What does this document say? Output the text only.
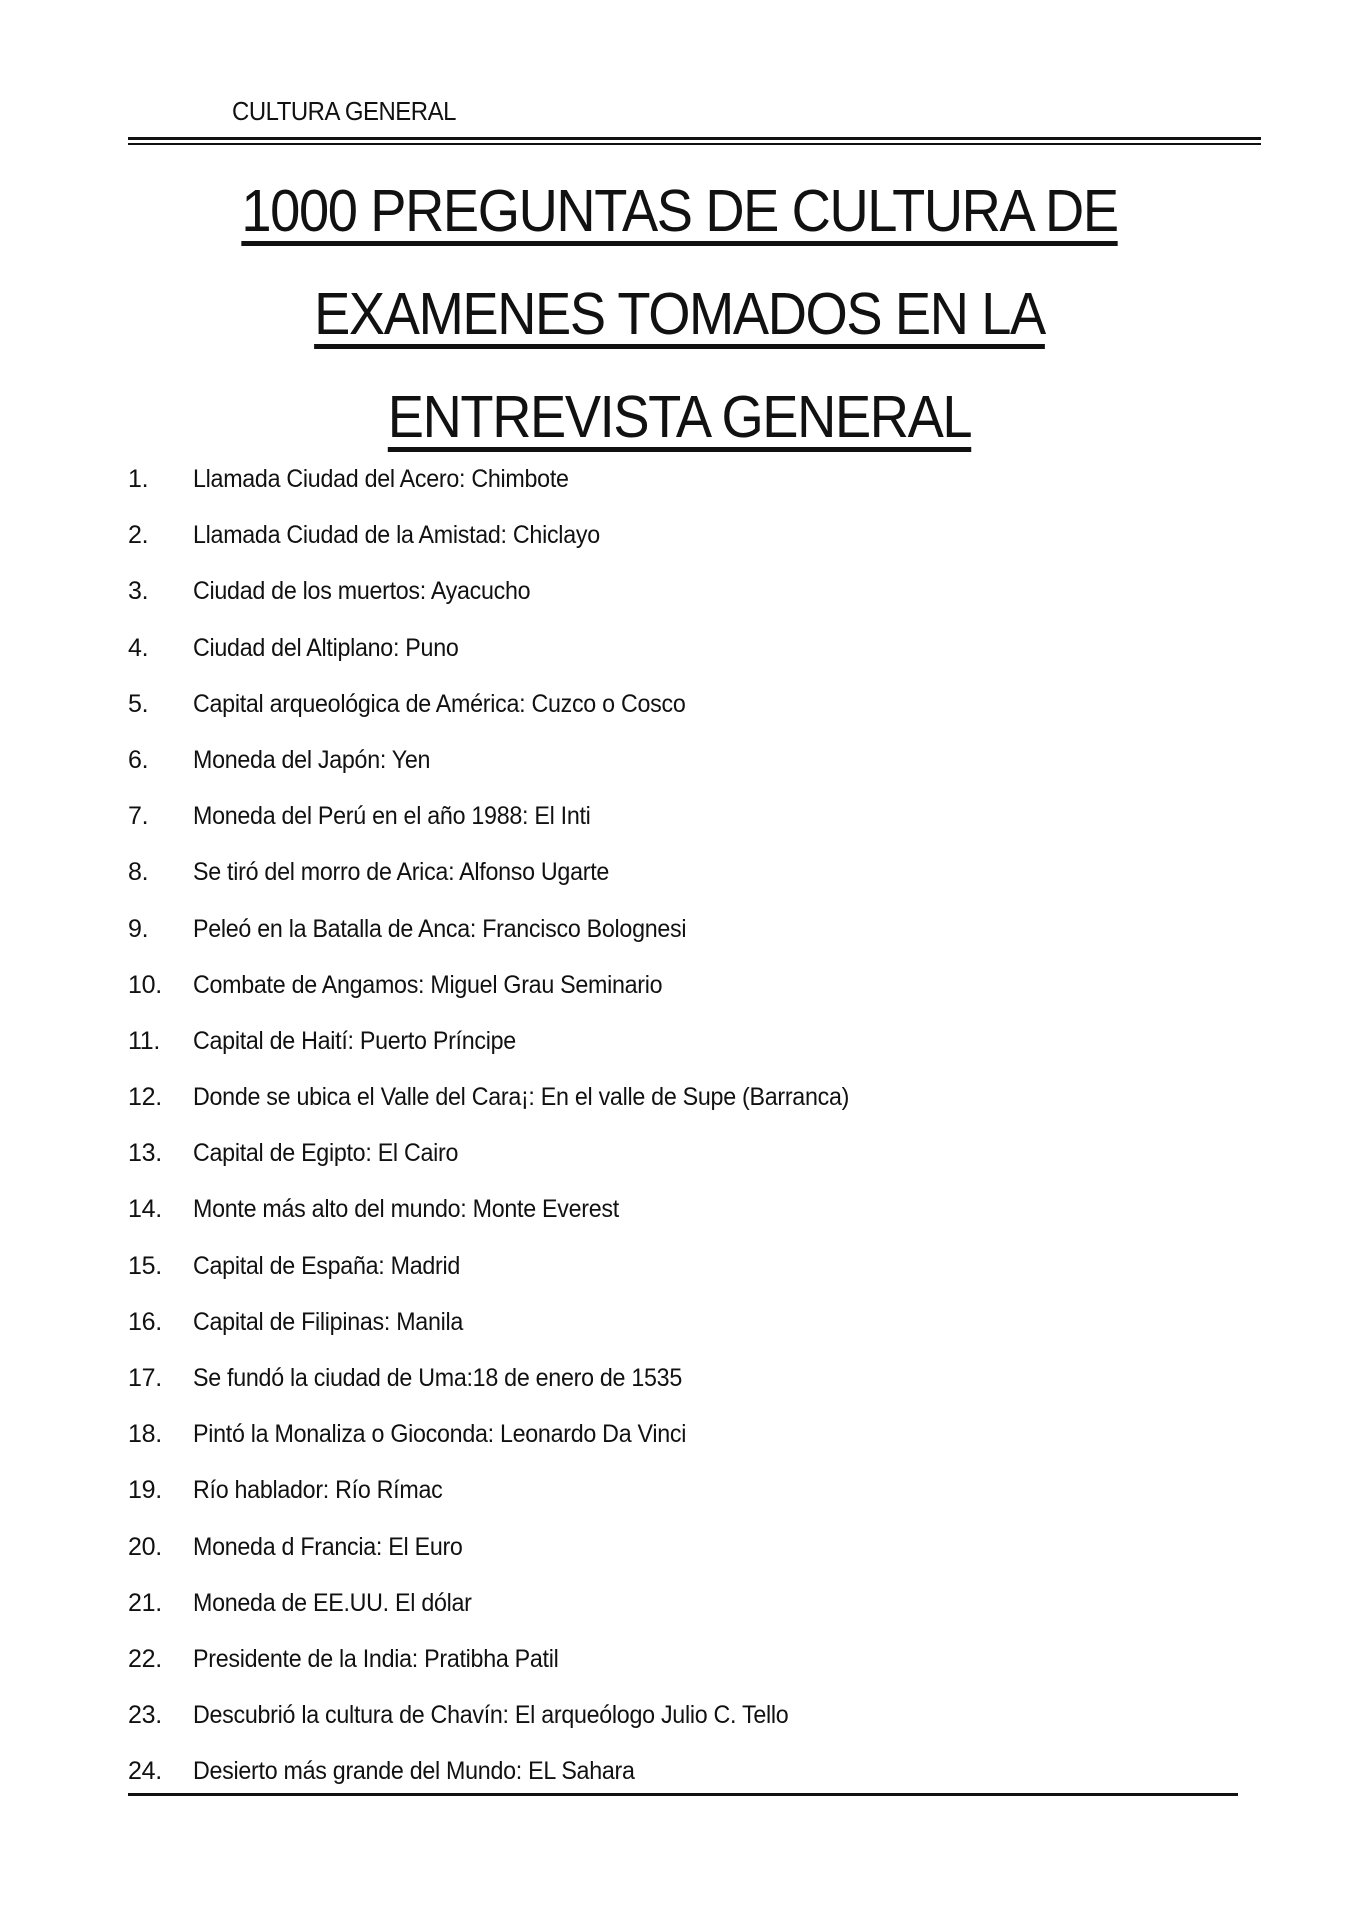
CULTURA GENERAL
1000 PREGUNTAS DE CULTURA DE
EXAMENES TOMADOS EN LA
ENTREVISTA GENERAL
1.	Llamada Ciudad del Acero: Chimbote
2.	Llamada Ciudad de la Amistad: Chiclayo
3.	Ciudad de los muertos: Ayacucho
4.	Ciudad del Altiplano: Puno
5.	Capital arqueológica de América: Cuzco o Cosco
6.	Moneda del Japón: Yen
7.	Moneda del Perú en el año 1988: El Inti
8.	Se tiró del morro de Arica: Alfonso Ugarte
9.	Peleó en la Batalla de Anca: Francisco Bolognesi
10.	Combate de Angamos: Miguel Grau Seminario
11.	Capital de Haití: Puerto Príncipe
12.	Donde se ubica el Valle del Cara¡: En el valle de Supe (Barranca)
13.	Capital de Egipto: El Cairo
14.	Monte más alto del mundo: Monte Everest
15.	Capital de España: Madrid
16.	Capital de Filipinas: Manila
17.	Se fundó la ciudad de Uma:18 de enero de 1535
18.	Pintó la Monaliza o Gioconda: Leonardo Da Vinci
19.	Río hablador: Río Rímac
20.	Moneda d Francia: El Euro
21.	Moneda de EE.UU. El dólar
22.	Presidente de la India: Pratibha Patil
23.	Descubrió la cultura de Chavín: El arqueólogo Julio C. Tello
24.	Desierto más grande del Mundo: EL Sahara
